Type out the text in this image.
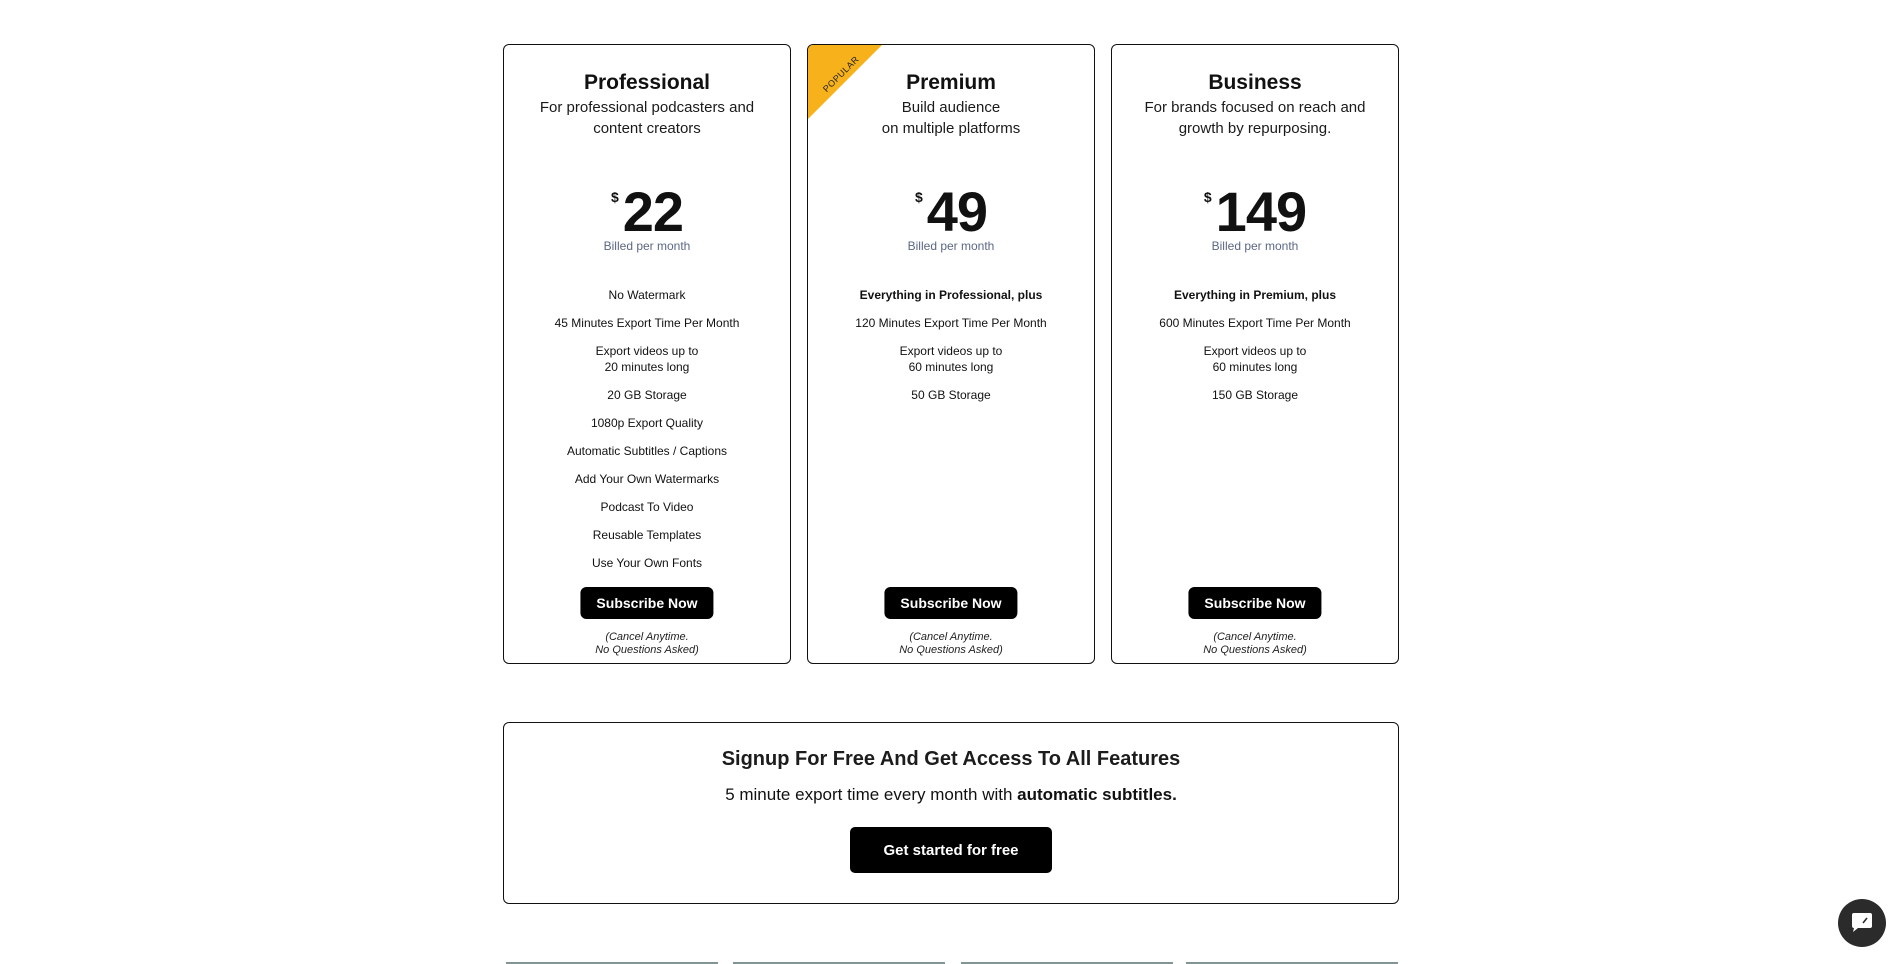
Professional
For professional podcasters and
content creators
$ 22
Billed per month
No Watermark
45 Minutes Export Time Per Month
Export videos up to
20 minutes long
20 GB Storage
1080p Export Quality
Automatic Subtitles / Captions
Add Your Own Watermarks
Podcast To Video
Reusable Templates
Use Your Own Fonts
Subscribe Now
(Cancel Anytime.
No Questions Asked)
POPULAR	Premium
Build audience
on multiple platforms
$ 49
Billed per month
Everything in Professional, plus
120 Minutes Export Time Per Month
Export videos up to
60 minutes long
50 GB Storage
Subscribe Now
(Cancel Anytime.
No Questions Asked)
Business
For brands focused on reach and
growth by repurposing.
$ 149
Billed per month
Everything in Premium, plus
600 Minutes Export Time Per Month
Export videos up to
60 minutes long
150 GB Storage
Subscribe Now
(Cancel Anytime.
No Questions Asked)
Signup For Free And Get Access To All Features
5 minute export time every month with automatic subtitles.
Get started for free
